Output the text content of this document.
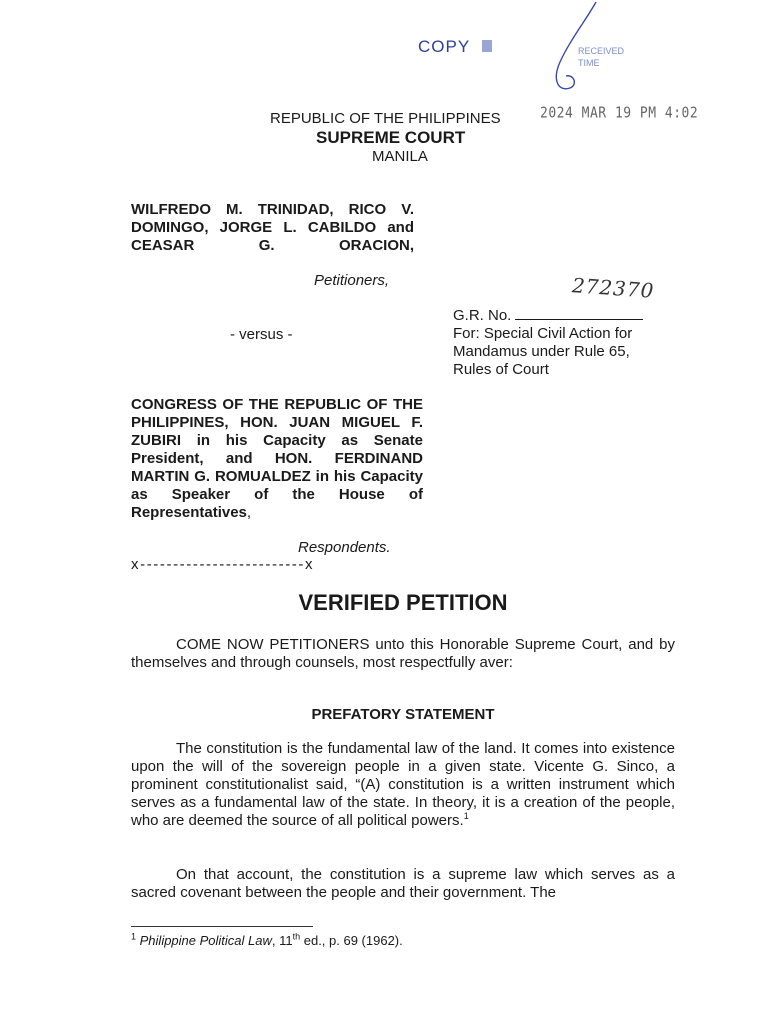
COPY	RECEIVED
TIME
2024 MAR 19 PM 4:02
REPUBLIC OF THE PHILIPPINES
SUPREME COURT
MANILA
WILFREDO M. TRINIDAD, RICO V. DOMINGO, JORGE L. CABILDO and CEASAR G. ORACION,
Petitioners,	272370
G.R. No.
For: Special Civil Action for
Mandamus under Rule 65,
Rules of Court
- versus -
CONGRESS OF THE REPUBLIC OF THE PHILIPPINES, HON. JUAN MIGUEL F. ZUBIRI in his Capacity as Senate President, and HON. FERDINAND MARTIN G. ROMUALDEZ in his Capacity as Speaker of the House of Representatives,
Respondents.
x-------------------------x
VERIFIED PETITION
COME NOW PETITIONERS unto this Honorable Supreme Court, and by themselves and through counsels, most respectfully aver:
PREFATORY STATEMENT
The constitution is the fundamental law of the land. It comes into existence upon the will of the sovereign people in a given state. Vicente G. Sinco, a prominent constitutionalist said, “(A) constitution is a written instrument which serves as a fundamental law of the state. In theory, it is a creation of the people, who are deemed the source of all political powers.$^1$
On that account, the constitution is a supreme law which serves as a sacred covenant between the people and their government. The
$^1$ Philippine Political Law, 11th ed., p. 69 (1962).
